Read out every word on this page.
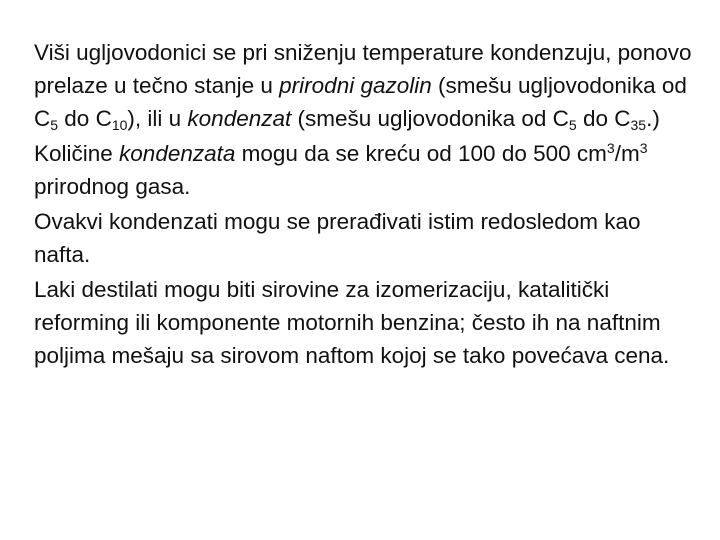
Viši ugljovodonici se pri sniženju temperature kondenzuju, ponovo prelaze u tečno stanje u prirodni gazolin (smešu ugljovodonika od $C_5$ do $C_{10}$), ili u kondenzat (smešu ugljovodonika od $C_5$ do $C_{35}$.)

Količine kondenzata mogu da se kreću od 100 do 500 $cm^3/m^3$ prirodnog gasa.

Ovakvi kondenzati mogu se prerađivati istim redosledom kao nafta.

Laki destilati mogu biti sirovine za izomerizaciju, katalitički reforming ili komponente motornih benzina; često ih na naftnim poljima mešaju sa sirovom naftom kojoj se tako povećava cena.
